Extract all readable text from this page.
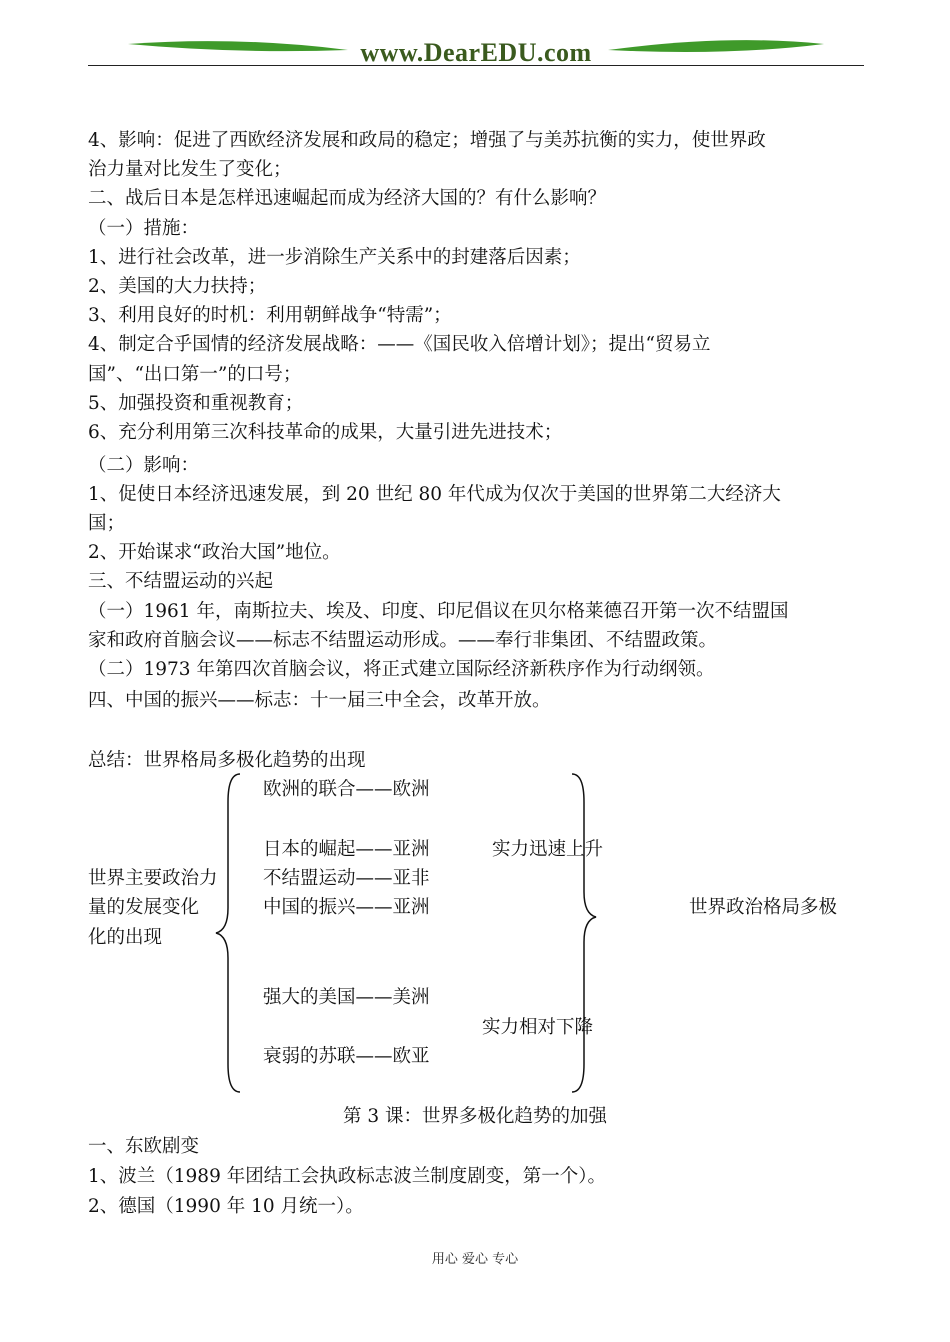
www.DearEDU.com
4、影响：促进了西欧经济发展和政局的稳定；增强了与美苏抗衡的实力，使世界政
治力量对比发生了变化；
二、战后日本是怎样迅速崛起而成为经济大国的？有什么影响？
（一）措施：
1、进行社会改革，进一步消除生产关系中的封建落后因素；
2、美国的大力扶持；
3、利用良好的时机：利用朝鲜战争“特需”；
4、制定合乎国情的经济发展战略：——《国民收入倍增计划》；提出“贸易立
国”、“出口第一”的口号；
5、加强投资和重视教育；
6、充分利用第三次科技革命的成果，大量引进先进技术；
（二）影响：
1、促使日本经济迅速发展，到 20 世纪 80 年代成为仅次于美国的世界第二大经济大
国；
2、开始谋求“政治大国”地位。
三、不结盟运动的兴起
（一）1961 年，南斯拉夫、埃及、印度、印尼倡议在贝尔格莱德召开第一次不结盟国
家和政府首脑会议——标志不结盟运动形成。——奉行非集团、不结盟政策。
（二）1973 年第四次首脑会议，将正式建立国际经济新秩序作为行动纲领。
四、中国的振兴——标志：十一届三中全会，改革开放。
总结：世界格局多极化趋势的出现
世界主要政治力
量的发展变化
化的出现
欧洲的联合——欧洲
日本的崛起——亚洲
不结盟运动——亚非
中国的振兴——亚洲
强大的美国——美洲
衰弱的苏联——欧亚
实力迅速上升
实力相对下降
世界政治格局多极
第 3 课：世界多极化趋势的加强
一、东欧剧变
1、波兰（1989 年团结工会执政标志波兰制度剧变，第一个）。
2、德国（1990 年 10 月统一）。
用心 爱心 专心
